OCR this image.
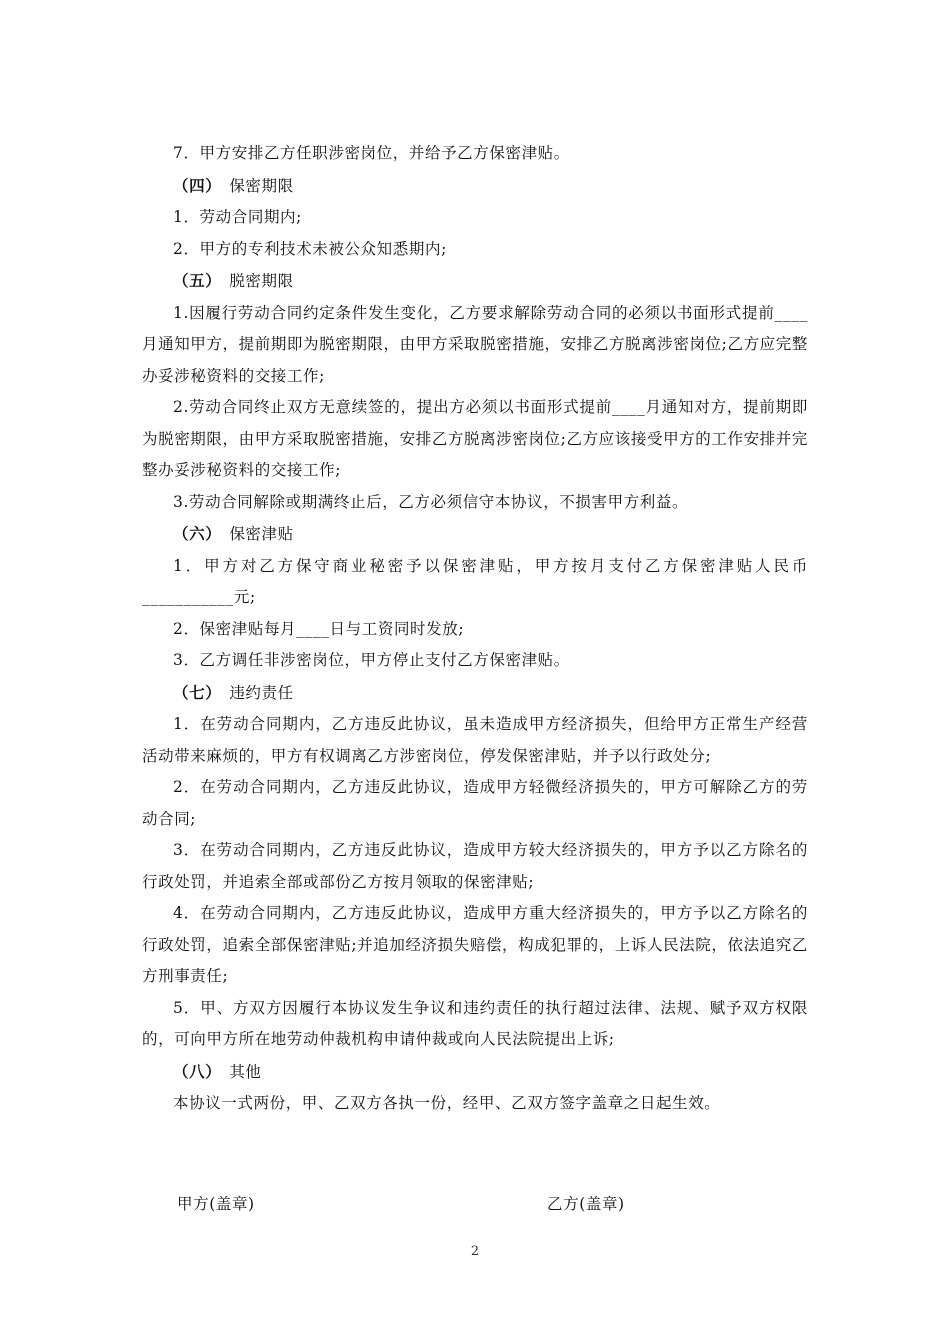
7．甲方安排乙方任职涉密岗位，并给予乙方保密津贴。

（四） 保密期限

1．劳动合同期内;

2．甲方的专利技术未被公众知悉期内;

（五） 脱密期限

1.因履行劳动合同约定条件发生变化，乙方要求解除劳动合同的必须以书面形式提前____月通知甲方，提前期即为脱密期限，由甲方采取脱密措施，安排乙方脱离涉密岗位;乙方应完整办妥涉秘资料的交接工作;

2.劳动合同终止双方无意续签的，提出方必须以书面形式提前____月通知对方，提前期即为脱密期限，由甲方采取脱密措施，安排乙方脱离涉密岗位;乙方应该接受甲方的工作安排并完整办妥涉秘资料的交接工作;

3.劳动合同解除或期满终止后，乙方必须信守本协议，不损害甲方利益。

（六） 保密津贴

1．甲方对乙方保守商业秘密予以保密津贴，甲方按月支付乙方保密津贴人民币___________元;

2．保密津贴每月____日与工资同时发放;

3．乙方调任非涉密岗位，甲方停止支付乙方保密津贴。

（七） 违约责任

1．在劳动合同期内，乙方违反此协议，虽未造成甲方经济损失，但给甲方正常生产经营活动带来麻烦的，甲方有权调离乙方涉密岗位，停发保密津贴，并予以行政处分;

2．在劳动合同期内，乙方违反此协议，造成甲方轻微经济损失的，甲方可解除乙方的劳动合同;

3．在劳动合同期内，乙方违反此协议，造成甲方较大经济损失的，甲方予以乙方除名的行政处罚，并追索全部或部份乙方按月领取的保密津贴;

4．在劳动合同期内，乙方违反此协议，造成甲方重大经济损失的，甲方予以乙方除名的行政处罚，追索全部保密津贴;并追加经济损失赔偿，构成犯罪的，上诉人民法院，依法追究乙方刑事责任;

5．甲、方双方因履行本协议发生争议和违约责任的执行超过法律、法规、赋予双方权限的，可向甲方所在地劳动仲裁机构申请仲裁或向人民法院提出上诉;

（八） 其他

本协议一式两份，甲、乙双方各执一份，经甲、乙双方签字盖章之日起生效。

甲方(盖章)	乙方(盖章)
2
